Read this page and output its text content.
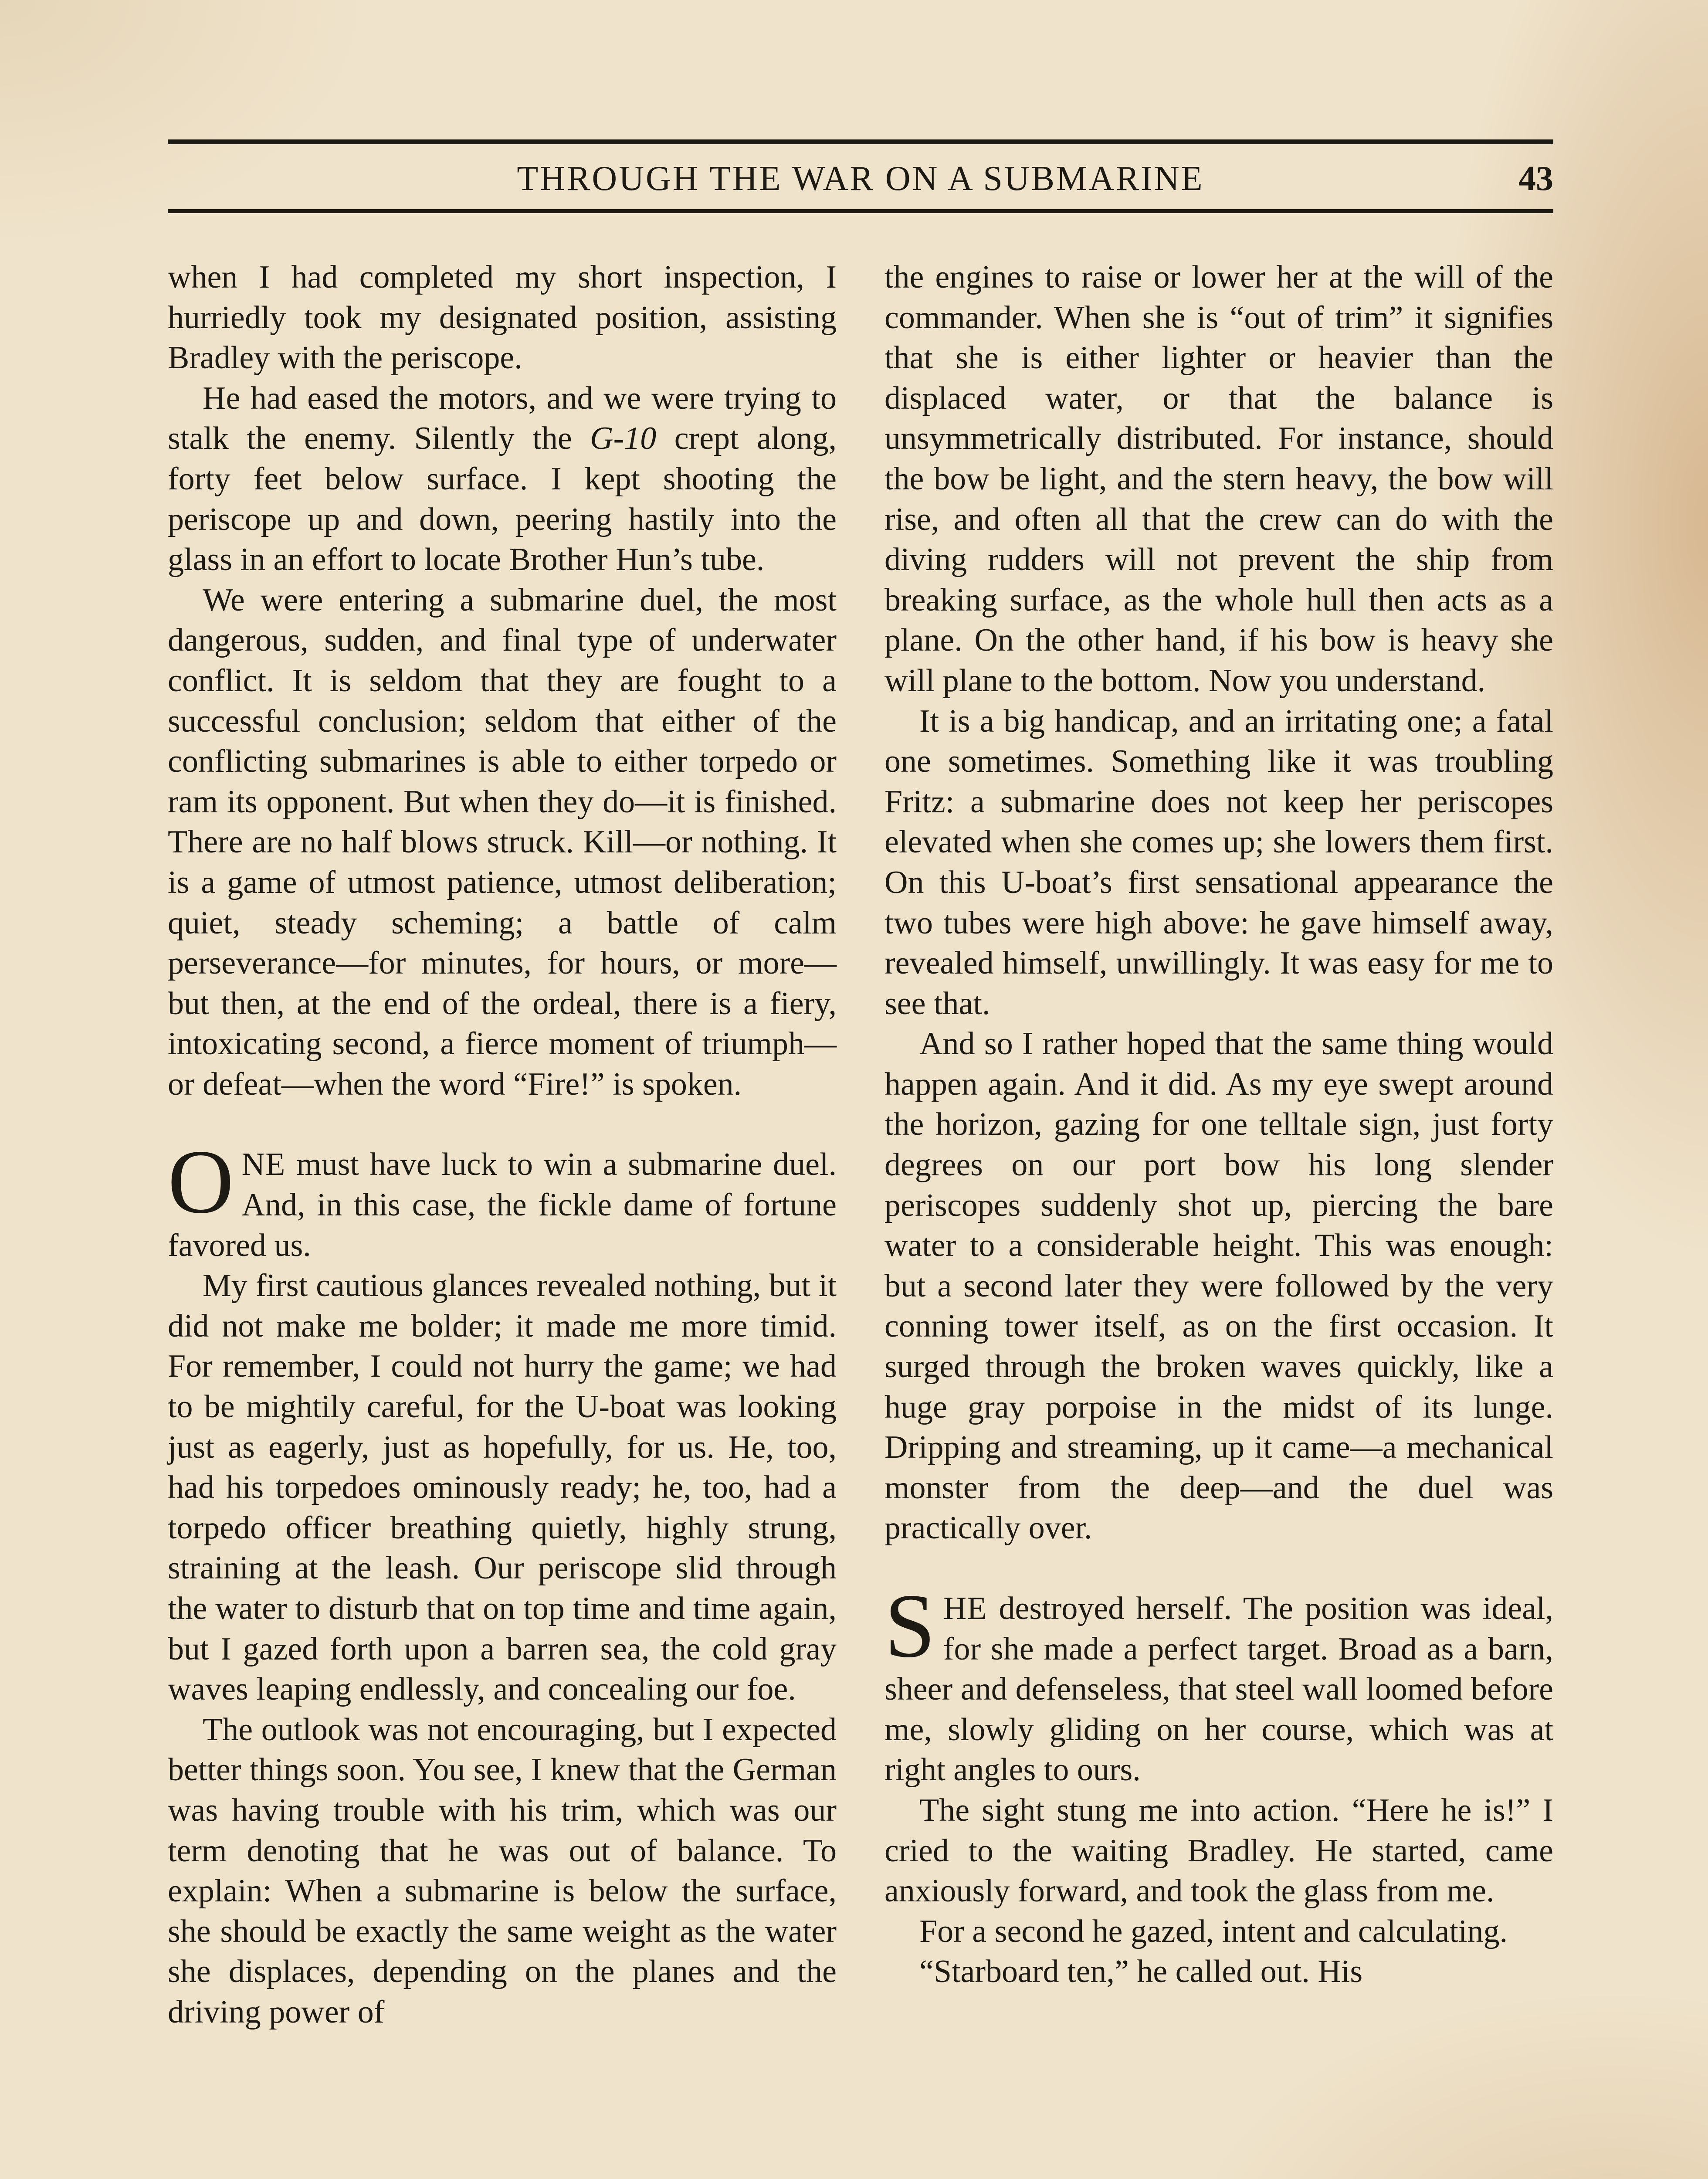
THROUGH THE WAR ON A SUBMARINE	43

when I had completed my short inspection, I hurriedly took my designated position, assisting Bradley with the periscope.

He had eased the motors, and we were trying to stalk the enemy. Silently the G-10 crept along, forty feet below surface. I kept shooting the periscope up and down, peering hastily into the glass in an effort to locate Brother Hun’s tube.

We were entering a submarine duel, the most dangerous, sudden, and final type of underwater conflict. It is seldom that they are fought to a successful conclusion; seldom that either of the conflicting submarines is able to either torpedo or ram its opponent. But when they do—it is finished. There are no half blows struck. Kill—or nothing. It is a game of utmost patience, utmost deliberation; quiet, steady scheming; a battle of calm perseverance—for minutes, for hours, or more—but then, at the end of the ordeal, there is a fiery, intoxicating second, a fierce moment of triumph—or defeat—when the word “Fire!” is spoken.

ONE must have luck to win a submarine duel. And, in this case, the fickle dame of fortune favored us.

My first cautious glances revealed nothing, but it did not make me bolder; it made me more timid. For remember, I could not hurry the game; we had to be mightily careful, for the U-boat was looking just as eagerly, just as hopefully, for us. He, too, had his torpedoes ominously ready; he, too, had a torpedo officer breathing quietly, highly strung, straining at the leash. Our periscope slid through the water to disturb that on top time and time again, but I gazed forth upon a barren sea, the cold gray waves leaping endlessly, and concealing our foe.

The outlook was not encouraging, but I expected better things soon. You see, I knew that the German was having trouble with his trim, which was our term denoting that he was out of balance. To explain: When a submarine is below the surface, she should be exactly the same weight as the water she displaces, depending on the planes and the driving power of

the engines to raise or lower her at the will of the commander. When she is “out of trim” it signifies that she is either lighter or heavier than the displaced water, or that the balance is unsymmetrically distributed. For instance, should the bow be light, and the stern heavy, the bow will rise, and often all that the crew can do with the diving rudders will not prevent the ship from breaking surface, as the whole hull then acts as a plane. On the other hand, if his bow is heavy she will plane to the bottom. Now you understand.

It is a big handicap, and an irritating one; a fatal one sometimes. Something like it was troubling Fritz: a submarine does not keep her periscopes elevated when she comes up; she lowers them first. On this U-boat’s first sensational appearance the two tubes were high above: he gave himself away, revealed himself, unwillingly. It was easy for me to see that.

And so I rather hoped that the same thing would happen again. And it did. As my eye swept around the horizon, gazing for one telltale sign, just forty degrees on our port bow his long slender periscopes suddenly shot up, piercing the bare water to a considerable height. This was enough: but a second later they were followed by the very conning tower itself, as on the first occasion. It surged through the broken waves quickly, like a huge gray porpoise in the midst of its lunge. Dripping and streaming, up it came—a mechanical monster from the deep—and the duel was practically over.

SHE destroyed herself. The position was ideal, for she made a perfect target. Broad as a barn, sheer and defenseless, that steel wall loomed before me, slowly gliding on her course, which was at right angles to ours.

The sight stung me into action. “Here he is!” I cried to the waiting Bradley. He started, came anxiously forward, and took the glass from me.

For a second he gazed, intent and calculating.

“Starboard ten,” he called out. His
